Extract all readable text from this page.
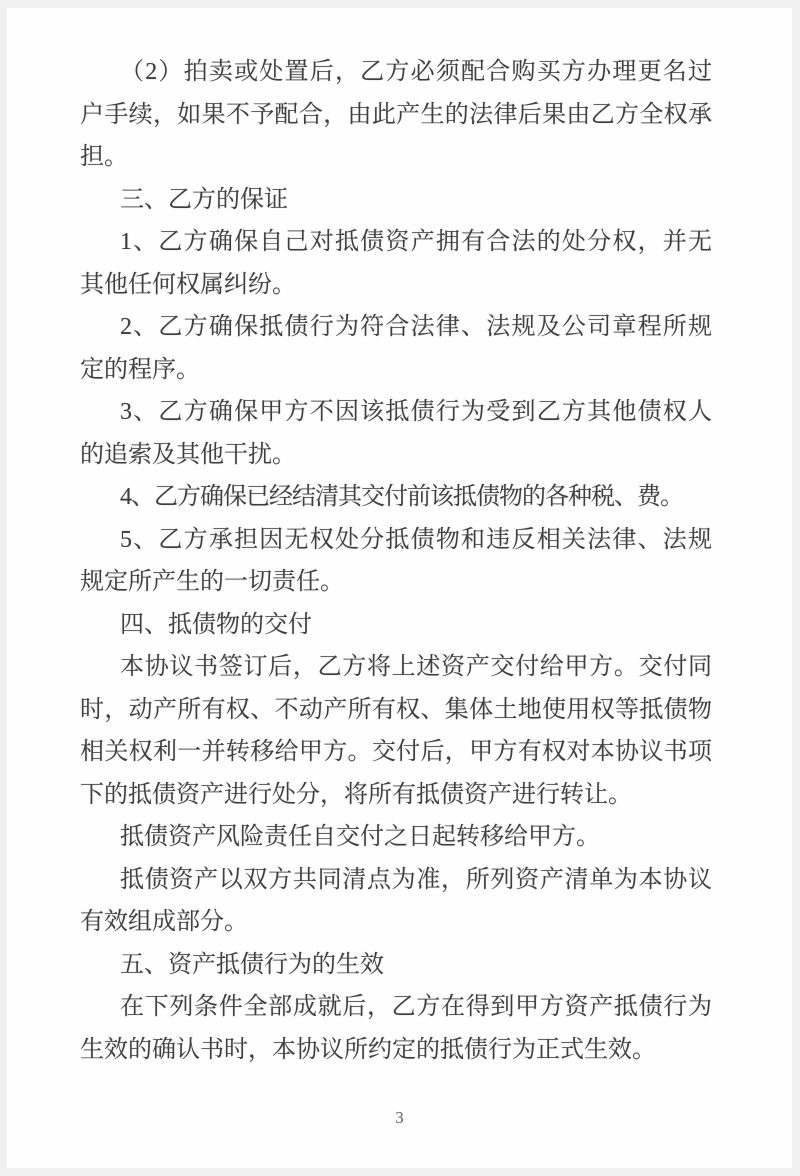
（2）拍卖或处置后，乙方必须配合购买方办理更名过
户手续，如果不予配合，由此产生的法律后果由乙方全权承
担。
三、乙方的保证
1、乙方确保自己对抵债资产拥有合法的处分权，并无
其他任何权属纠纷。
2、乙方确保抵债行为符合法律、法规及公司章程所规
定的程序。
3、乙方确保甲方不因该抵债行为受到乙方其他债权人
的追索及其他干扰。
4、乙方确保已经结清其交付前该抵债物的各种税、费。
5、乙方承担因无权处分抵债物和违反相关法律、法规
规定所产生的一切责任。
四、抵债物的交付
本协议书签订后，乙方将上述资产交付给甲方。交付同
时，动产所有权、不动产所有权、集体土地使用权等抵债物
相关权利一并转移给甲方。交付后，甲方有权对本协议书项
下的抵债资产进行处分，将所有抵债资产进行转让。
抵债资产风险责任自交付之日起转移给甲方。
抵债资产以双方共同清点为准，所列资产清单为本协议
有效组成部分。
五、资产抵债行为的生效
在下列条件全部成就后，乙方在得到甲方资产抵债行为
生效的确认书时，本协议所约定的抵债行为正式生效。
3
